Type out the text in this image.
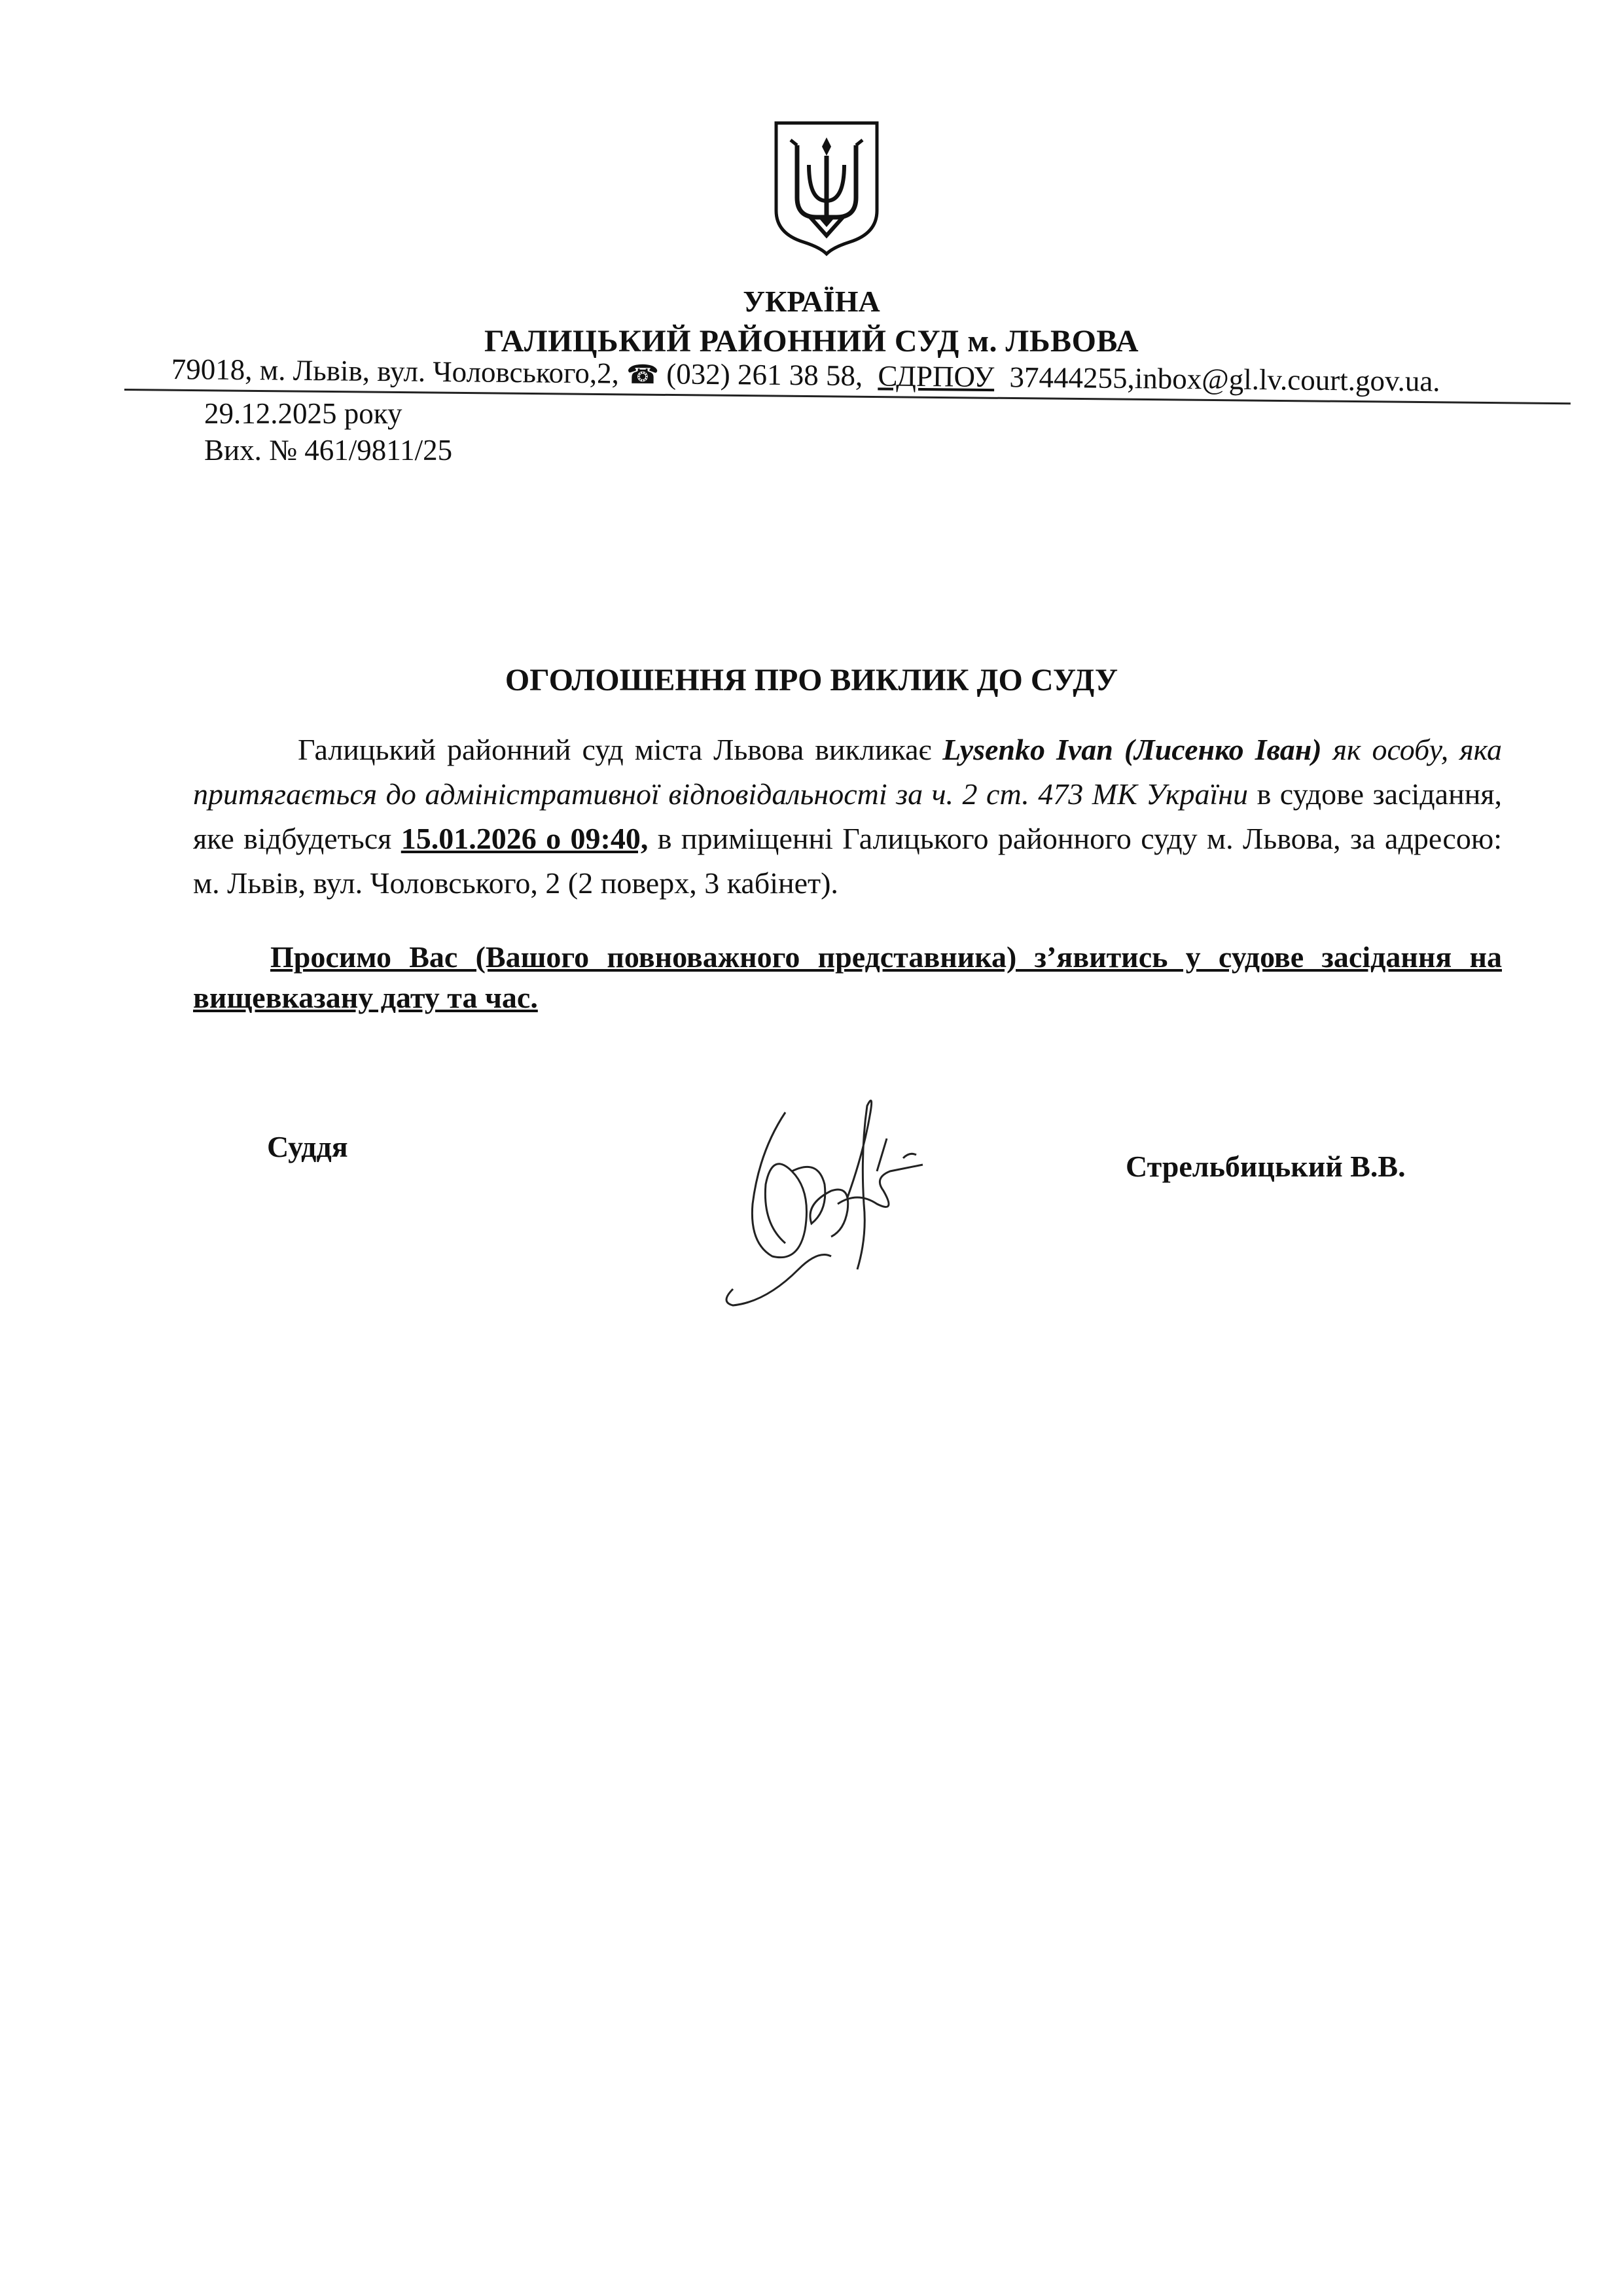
УКРАЇНА
ГАЛИЦЬКИЙ РАЙОННИЙ СУД м. ЛЬВОВА
79018, м. Львів, вул. Чоловського,2, ☎ (032) 261 38 58, СДРПОУ 37444255,inbox@gl.lv.court.gov.ua.
29.12.2025 року
Вих. № 461/9811/25
ОГОЛОШЕННЯ ПРО ВИКЛИК ДО СУДУ
Галицький районний суд міста Львова викликає Lysenko Ivan (Лисенко Іван) як особу, яка притягається до адміністративної відповідальності за ч. 2 ст. 473 МК України в судове засідання, яке відбудеться 15.01.2026 о 09:40, в приміщенні Галицького районного суду м. Львова, за адресою: м. Львів, вул. Чоловського, 2 (2 поверх, 3 кабінет).
Просимо Вас (Вашого повноважного представника) з’явитись у судове засідання на вищевказану дату та час.
Суддя
Стрельбицький В.В.
